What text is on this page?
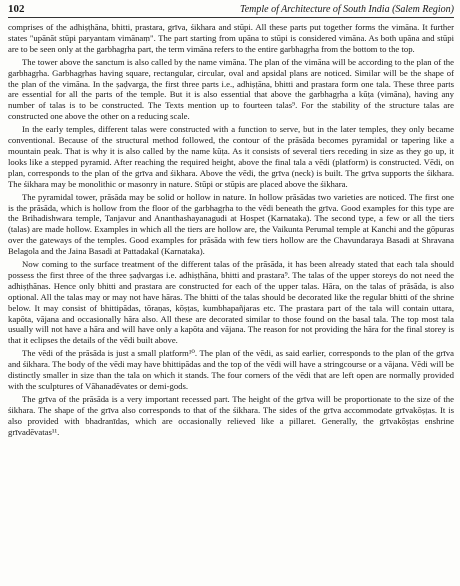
102	Temple of Architecture of South India (Salem Region)

comprises of the adhiṣṭhāna, bhitti, prastara, grīva, śikhara and stūpi. All these parts put together forms the vimāna. It further states "upānāt stūpi paryantam vimānaṃ". The part starting from upāna to stūpi is considered vimāna. As both upāna and stūpi are to be seen only at the garbhagṛha part, the term vimāna refers to the entire garbhagṛha from the bottom to the top.

The tower above the sanctum is also called by the name vimāna. The plan of the vimāna will be according to the plan of the garbhagṛha. Garbhagṛhas having square, rectangular, circular, oval and apsidal plans are noticed. Similar will be the shape of the plan of the vimāna. In the ṣaḍvarga, the first three parts i.e., adhiṣṭāna, bhitti and prastara form one tala. These three parts are essential for all the parts of the temple. But it is also essential that above the garbhagṛha a kūṭa (vimāna), having any number of talas is to be constructed. The Texts mention up to fourteen talas⁹. For the stability of the structure talas are constructed one above the other on a reducing scale.

In the early temples, different talas were constructed with a function to serve, but in the later temples, they only became conventional. Because of the structural method followed, the contour of the prāsāda becomes pyramidal or tapering like a mountain peak. That is why it is also called by the name kūṭa. As it consists of several tiers receding in size as they go up, it looks like a stepped pyramid. After reaching the required height, above the final tala a vēdi (platform) is constructed. Vēdi, on plan, corresponds to the plan of the grīva and śikhara. Above the vēdi, the grīva (neck) is built. The grīva supports the śikhara. The śikhara may be monolithic or masonry in nature. Stūpi or stūpis are placed above the śikhara.

The pyramidal tower, prāsāda may be solid or hollow in nature. In hollow prāsādas two varieties are noticed. The first one is the prāsāda, which is hollow from the floor of the garbhagṛha to the vēdi beneath the grīva. Good examples for this type are the Brihadishwara temple, Tanjavur and Ananthashayanagudi at Hospet (Karnataka). The second type, a few or all the tiers (talas) are made hollow. Examples in which all the tiers are hollow are, the Vaikunta Perumal temple at Kanchi and the gōpuras over the gateways of the temples. Good examples for prāsāda with few tiers hollow are the Chavundaraya Basadi at Shravana Belagola and the Jaina Basadi at Pattadakal (Karnataka).

Now coming to the surface treatment of the different talas of the prāsāda, it has been already stated that each tala should possess the first three of the three ṣaḍvargas i.e. adhiṣṭhāna, bhitti and prastara⁹. The talas of the upper storeys do not need the adhiṣṭhānas. Hence only bhitti and prastara are constructed for each of the upper talas. Hāra, on the talas of prāsāda, is also optional. All the talas may or may not have hāras. The bhitti of the talas should be decorated like the regular bhitti of the shrine below. It may consist of bhittipādas, tōraṇas, kōṣṭas, kumbhapañjaras etc. The prastara part of the tala will contain uttara, kapōta, vājana and occasionally hāra also. All these are decorated similar to those found on the basal tala. The top most tala usually will not have a hāra and will have only a kapōta and vājana. The reason for not providing the hāra for the final storey is that it eclipses the details of the vēdi built above.

The vēdi of the prāsāda is just a small platform¹⁰. The plan of the vēdi, as said earlier, corresponds to the plan of the grīva and śikhara. The body of the vēdi may have bhittipādas and the top of the vēdi will have a stringcourse or a vājana. Vēdi will be distinctly smaller in size than the tala on which it stands. The four corners of the vēdi that are left open are normally provided with the sculptures of Vāhanadēvates or demi-gods.

The grīva of the prāsāda is a very important recessed part. The height of the grīva will be proportionate to the size of the śikhara. The shape of the grīva also corresponds to that of the śikhara. The sides of the grīva accommodate grīvakōṣṭas. It is also provided with bhadranīdas, which are occasionally relieved like a pillaret. Generally, the grīvakōṣṭas enshrine grīvadēvatas¹¹.
